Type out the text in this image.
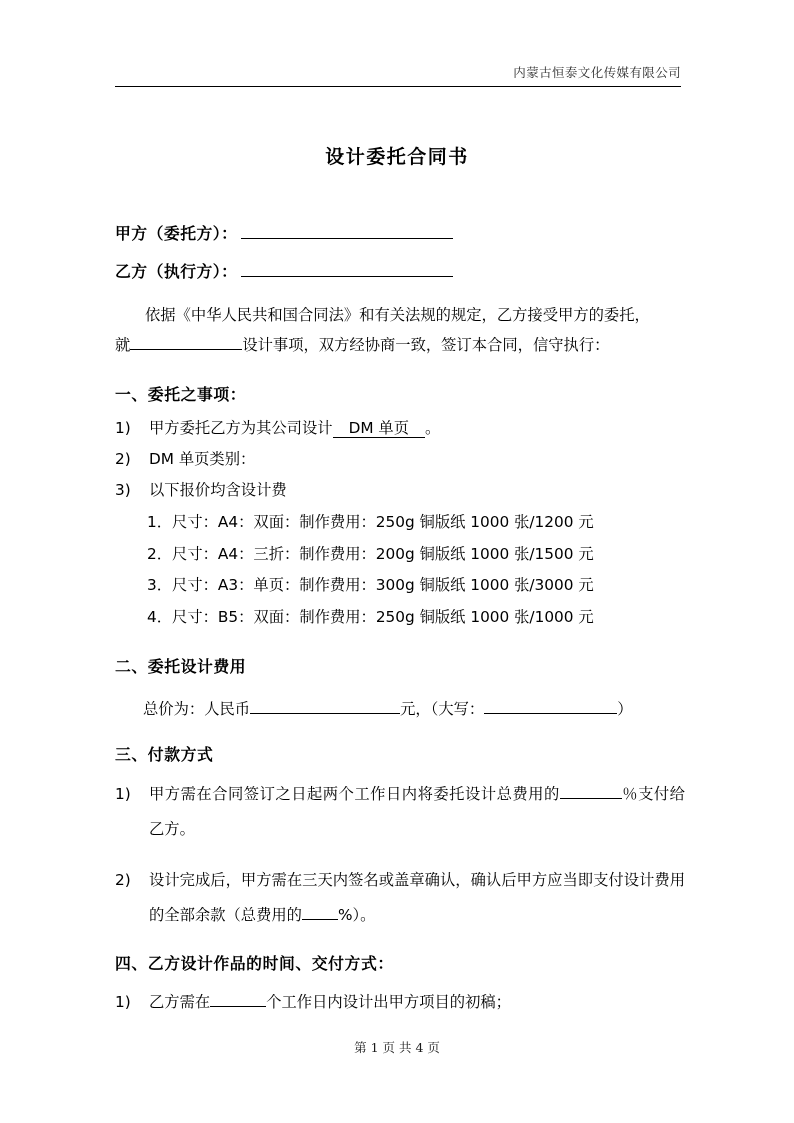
内蒙古恒泰文化传媒有限公司
设计委托合同书
甲方（委托方）：
乙方（执行方）：
依据《中华人民共和国合同法》和有关法规的规定，乙方接受甲方的委托，
就	设计事项，双方经协商一致，签订本合同，信守执行：
一、委托之事项：
1) 甲方委托乙方为其公司设计 DM 单页 。
2) DM 单页类别：
3) 以下报价均含设计费
1．尺寸：A4：双面：制作费用：250g 铜版纸 1000 张/1200 元
2．尺寸：A4：三折：制作费用：200g 铜版纸 1000 张/1500 元
3．尺寸：A3：单页：制作费用：300g 铜版纸 1000 张/3000 元
4．尺寸：B5：双面：制作费用：250g 铜版纸 1000 张/1000 元
二、委托设计费用
总价为：人民币	元，（大写：	）
三、付款方式
1) 甲方需在合同签订之日起两个工作日内将委托设计总费用的	％支付给乙方。
2) 设计完成后，甲方需在三天内签名或盖章确认，确认后甲方应当即支付设计费用的全部余款（总费用的 %）。
四、乙方设计作品的时间、交付方式：
1) 乙方需在	个工作日内设计出甲方项目的初稿；
第 1 页 共 4 页
